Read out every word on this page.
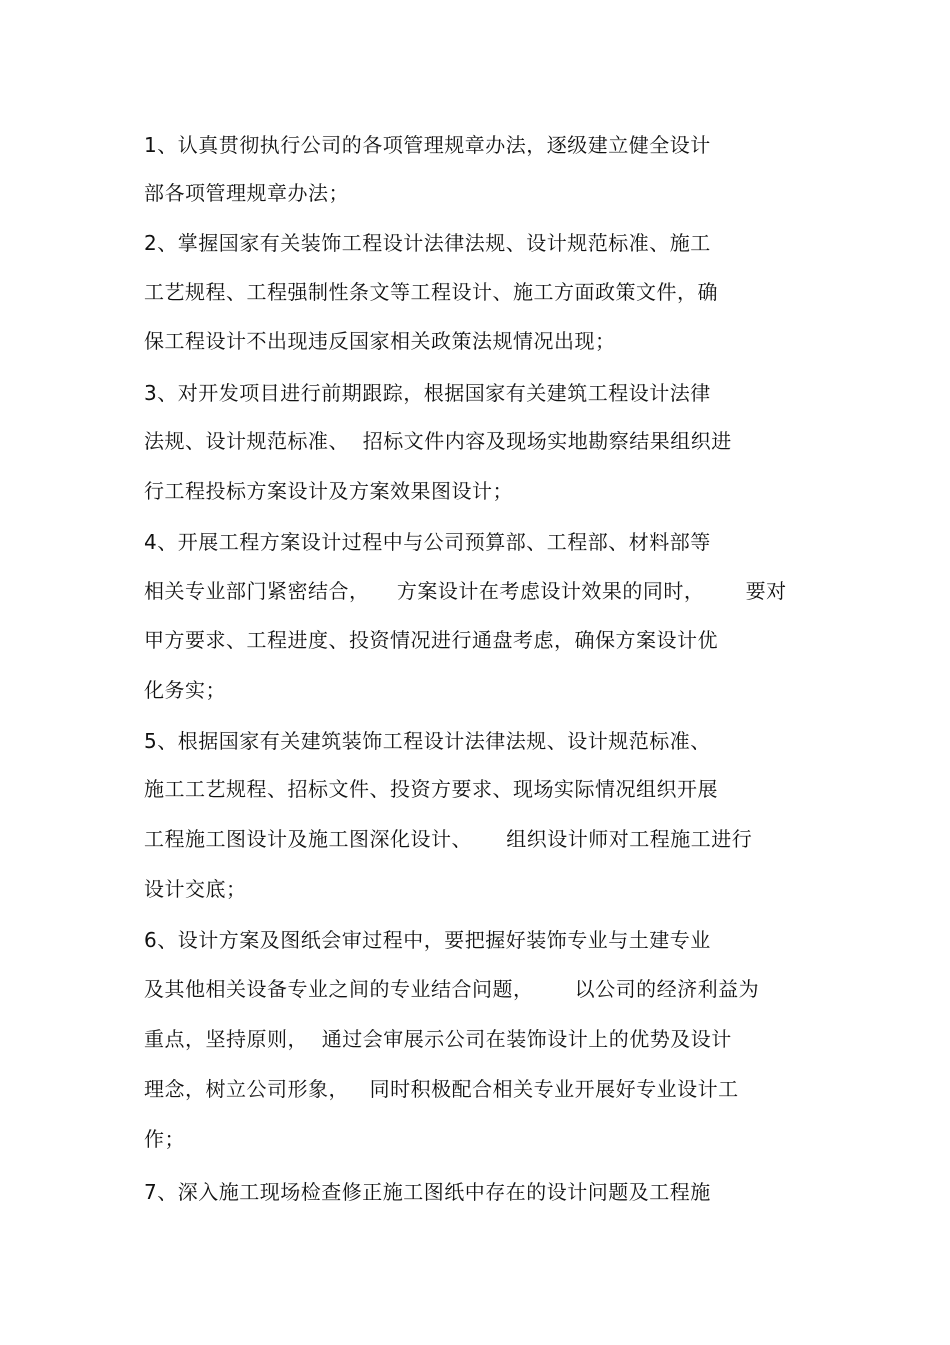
1、认真贯彻执行公司的各项管理规章办法，逐级建立健全设计
部各项管理规章办法；
2、掌握国家有关装饰工程设计法律法规、设计规范标准、施工
工艺规程、工程强制性条文等工程设计、施工方面政策文件，确
保工程设计不出现违反国家相关政策法规情况出现；
3、对开发项目进行前期跟踪，根据国家有关建筑工程设计法律
法规、设计规范标准、  招标文件内容及现场实地勘察结果组织进
行工程投标方案设计及方案效果图设计；
4、开展工程方案设计过程中与公司预算部、工程部、材料部等
相关专业部门紧密结合，    方案设计在考虑设计效果的同时，      要对
甲方要求、工程进度、投资情况进行通盘考虑，确保方案设计优
化务实；
5、根据国家有关建筑装饰工程设计法律法规、设计规范标准、
施工工艺规程、招标文件、投资方要求、现场实际情况组织开展
工程施工图设计及施工图深化设计、     组织设计师对工程施工进行
设计交底；
6、设计方案及图纸会审过程中，要把握好装饰专业与土建专业
及其他相关设备专业之间的专业结合问题，      以公司的经济利益为
重点，坚持原则，  通过会审展示公司在装饰设计上的优势及设计
理念，树立公司形象，   同时积极配合相关专业开展好专业设计工
作；
7、深入施工现场检查修正施工图纸中存在的设计问题及工程施
